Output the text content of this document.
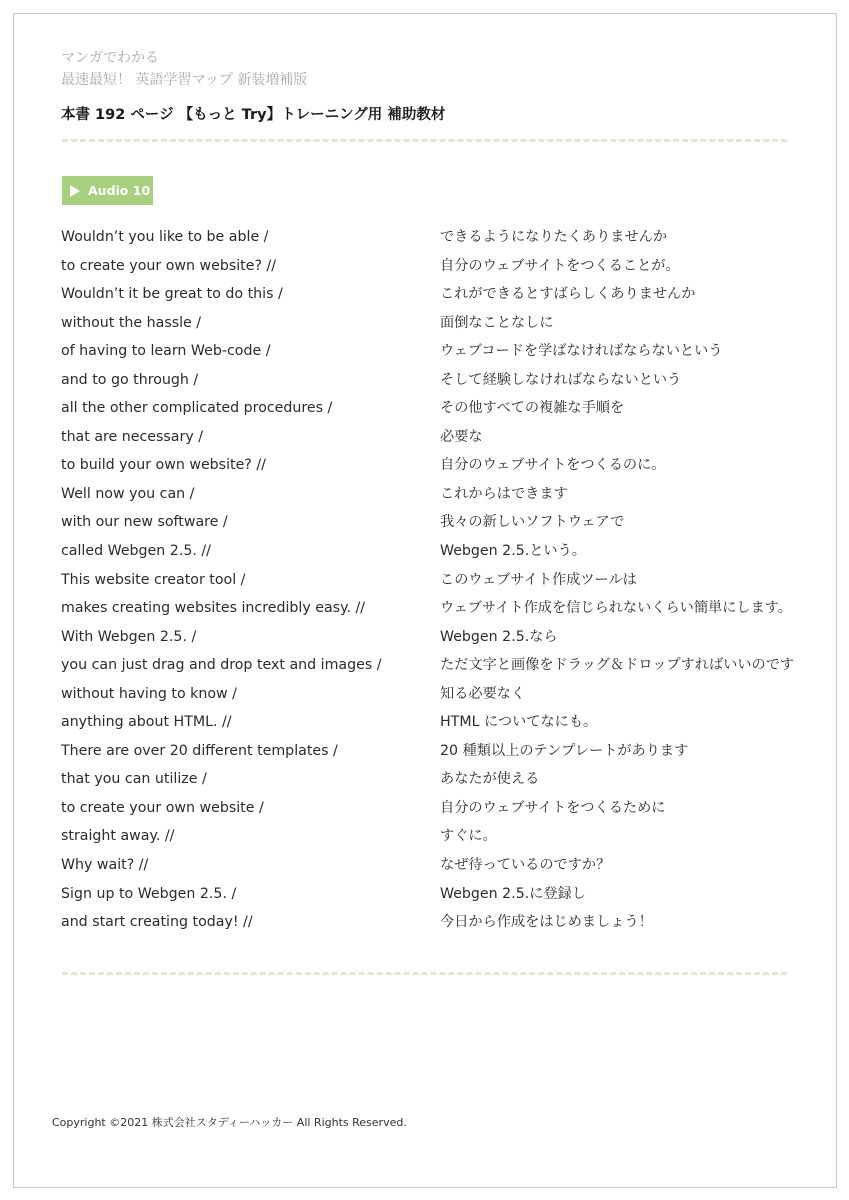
マンガでわかる
最速最短！ 英語学習マップ 新装増補版
本書 192 ページ 【もっと Try】トレーニング用 補助教材
Audio 10
Wouldn’t you like to be able /	できるようになりたくありませんか
to create your own website? //	自分のウェブサイトをつくることが。
Wouldn’t it be great to do this /	これができるとすばらしくありませんか
without the hassle /	面倒なことなしに
of having to learn Web-code /	ウェブコードを学ばなければならないという
and to go through /	そして経験しなければならないという
all the other complicated procedures /	その他すべての複雑な手順を
that are necessary /	必要な
to build your own website? //	自分のウェブサイトをつくるのに。
Well now you can /	これからはできます
with our new software /	我々の新しいソフトウェアで
called Webgen 2.5. //	Webgen 2.5.という。
This website creator tool /	このウェブサイト作成ツールは
makes creating websites incredibly easy. //	ウェブサイト作成を信じられないくらい簡単にします。
With Webgen 2.5. /	Webgen 2.5.なら
you can just drag and drop text and images /	ただ文字と画像をドラッグ＆ドロップすればいいのです
without having to know /	知る必要なく
anything about HTML. //	HTML についてなにも。
There are over 20 different templates /	20 種類以上のテンプレートがあります
that you can utilize /	あなたが使える
to create your own website /	自分のウェブサイトをつくるために
straight away. //	すぐに。
Why wait? //	なぜ待っているのですか？
Sign up to Webgen 2.5. /	Webgen 2.5.に登録し
and start creating today! //	今日から作成をはじめましょう！
Copyright ©2021 株式会社スタディーハッカー All Rights Reserved.
